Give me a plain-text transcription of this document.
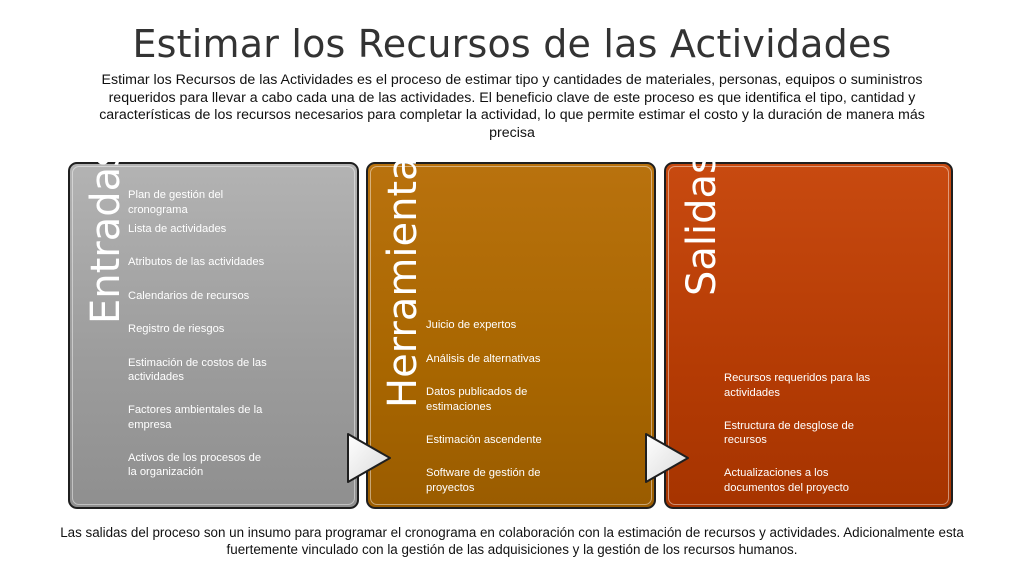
Estimar los Recursos de las Actividades
Estimar los Recursos de las Actividades es el proceso de estimar tipo y cantidades de materiales, personas, equipos o suministros requeridos para llevar a cabo cada una de las actividades. El beneficio clave de este proceso es que identifica el tipo, cantidad y características de los recursos necesarios para completar la actividad, lo que permite estimar el costo y la duración de manera más precisa
Entradas	Herramientas	Salidas
Plan de gestión del cronograma
Lista de actividades
Atributos de las actividades
Calendarios de recursos
Registro de riesgos
Estimación de costos de las actividades
Factores ambientales de la empresa
Activos de los procesos de la organización
Juicio de expertos
Análisis de alternativas
Datos publicados de estimaciones
Estimación ascendente
Software de gestión de proyectos
Recursos requeridos para las actividades
Estructura de desglose de recursos
Actualizaciones a los documentos del proyecto
Las salidas del proceso son un insumo para programar el cronograma en colaboración con la estimación de recursos y actividades. Adicionalmente esta fuertemente vinculado con la gestión de las adquisiciones y la gestión de los recursos humanos.
